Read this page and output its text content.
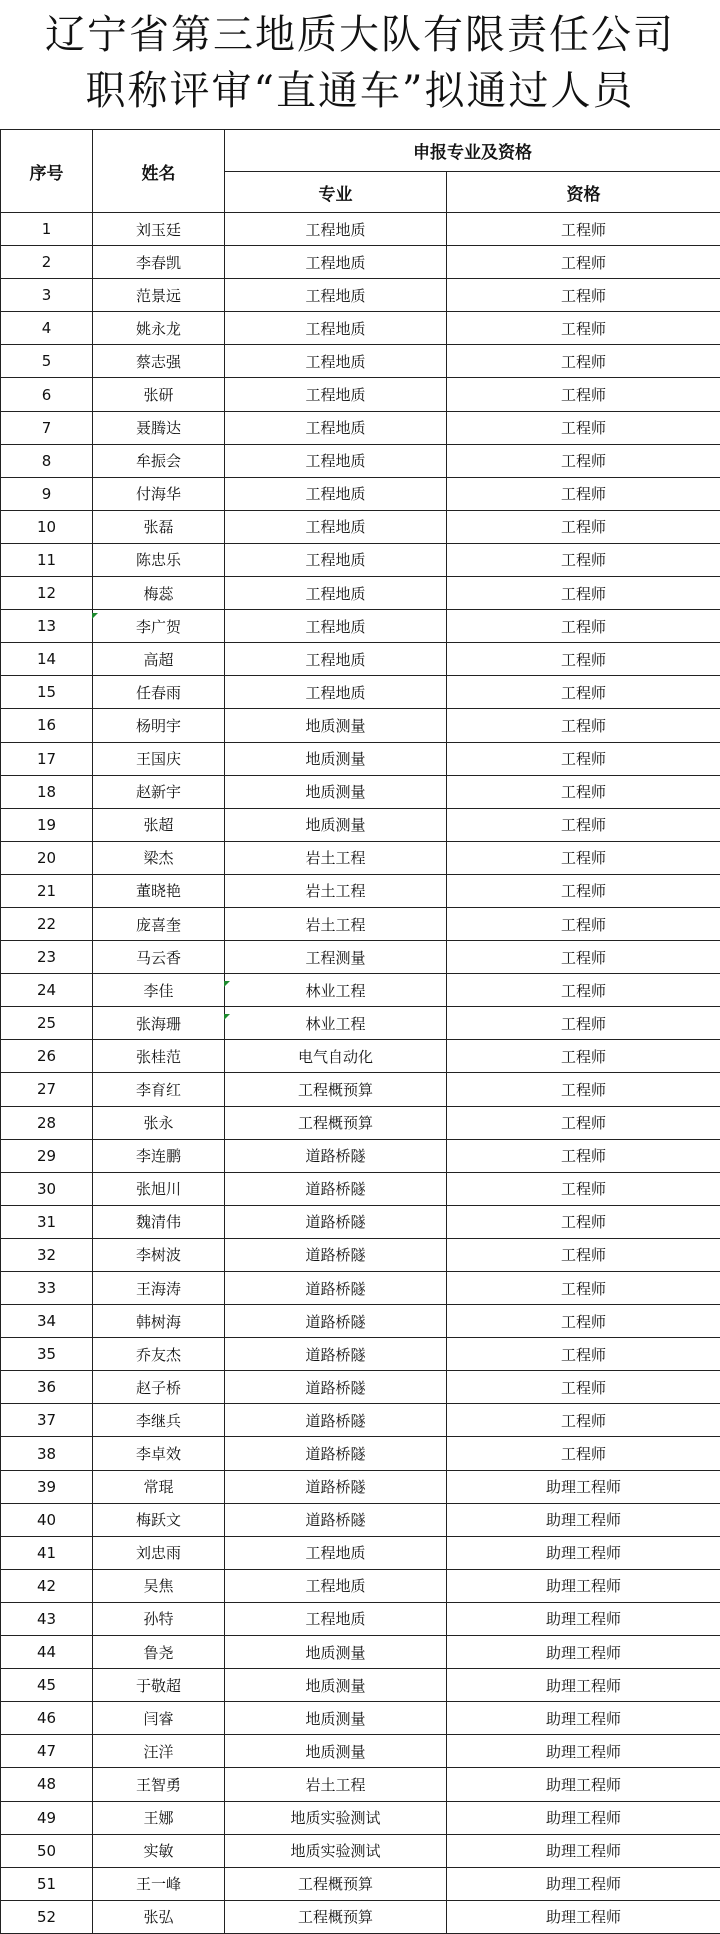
辽宁省第三地质大队有限责任公司
职称评审“直通车”拟通过人员
序号	姓名	申报专业及资格	
		专业	资格
1	刘玉廷	工程地质	工程师
2	李春凯	工程地质	工程师
3	范景远	工程地质	工程师
4	姚永龙	工程地质	工程师
5	蔡志强	工程地质	工程师
6	张研	工程地质	工程师
7	聂腾达	工程地质	工程师
8	牟振会	工程地质	工程师
9	付海华	工程地质	工程师
10	张磊	工程地质	工程师
11	陈忠乐	工程地质	工程师
12	梅蕊	工程地质	工程师
13	李广贺	工程地质	工程师
14	高超	工程地质	工程师
15	任春雨	工程地质	工程师
16	杨明宇	地质测量	工程师
17	王国庆	地质测量	工程师
18	赵新宇	地质测量	工程师
19	张超	地质测量	工程师
20	梁杰	岩土工程	工程师
21	董晓艳	岩土工程	工程师
22	庞喜奎	岩土工程	工程师
23	马云香	工程测量	工程师
24	李佳	林业工程	工程师
25	张海珊	林业工程	工程师
26	张桂范	电气自动化	工程师
27	李育红	工程概预算	工程师
28	张永	工程概预算	工程师
29	李连鹏	道路桥隧	工程师
30	张旭川	道路桥隧	工程师
31	魏清伟	道路桥隧	工程师
32	李树波	道路桥隧	工程师
33	王海涛	道路桥隧	工程师
34	韩树海	道路桥隧	工程师
35	乔友杰	道路桥隧	工程师
36	赵子桥	道路桥隧	工程师
37	李继兵	道路桥隧	工程师
38	李卓效	道路桥隧	工程师
39	常琨	道路桥隧	助理工程师
40	梅跃文	道路桥隧	助理工程师
41	刘忠雨	工程地质	助理工程师
42	吴焦	工程地质	助理工程师
43	孙特	工程地质	助理工程师
44	鲁尧	地质测量	助理工程师
45	于敬超	地质测量	助理工程师
46	闫睿	地质测量	助理工程师
47	汪洋	地质测量	助理工程师
48	王智勇	岩土工程	助理工程师
49	王娜	地质实验测试	助理工程师
50	实敏	地质实验测试	助理工程师
51	王一峰	工程概预算	助理工程师
52	张弘	工程概预算	助理工程师
